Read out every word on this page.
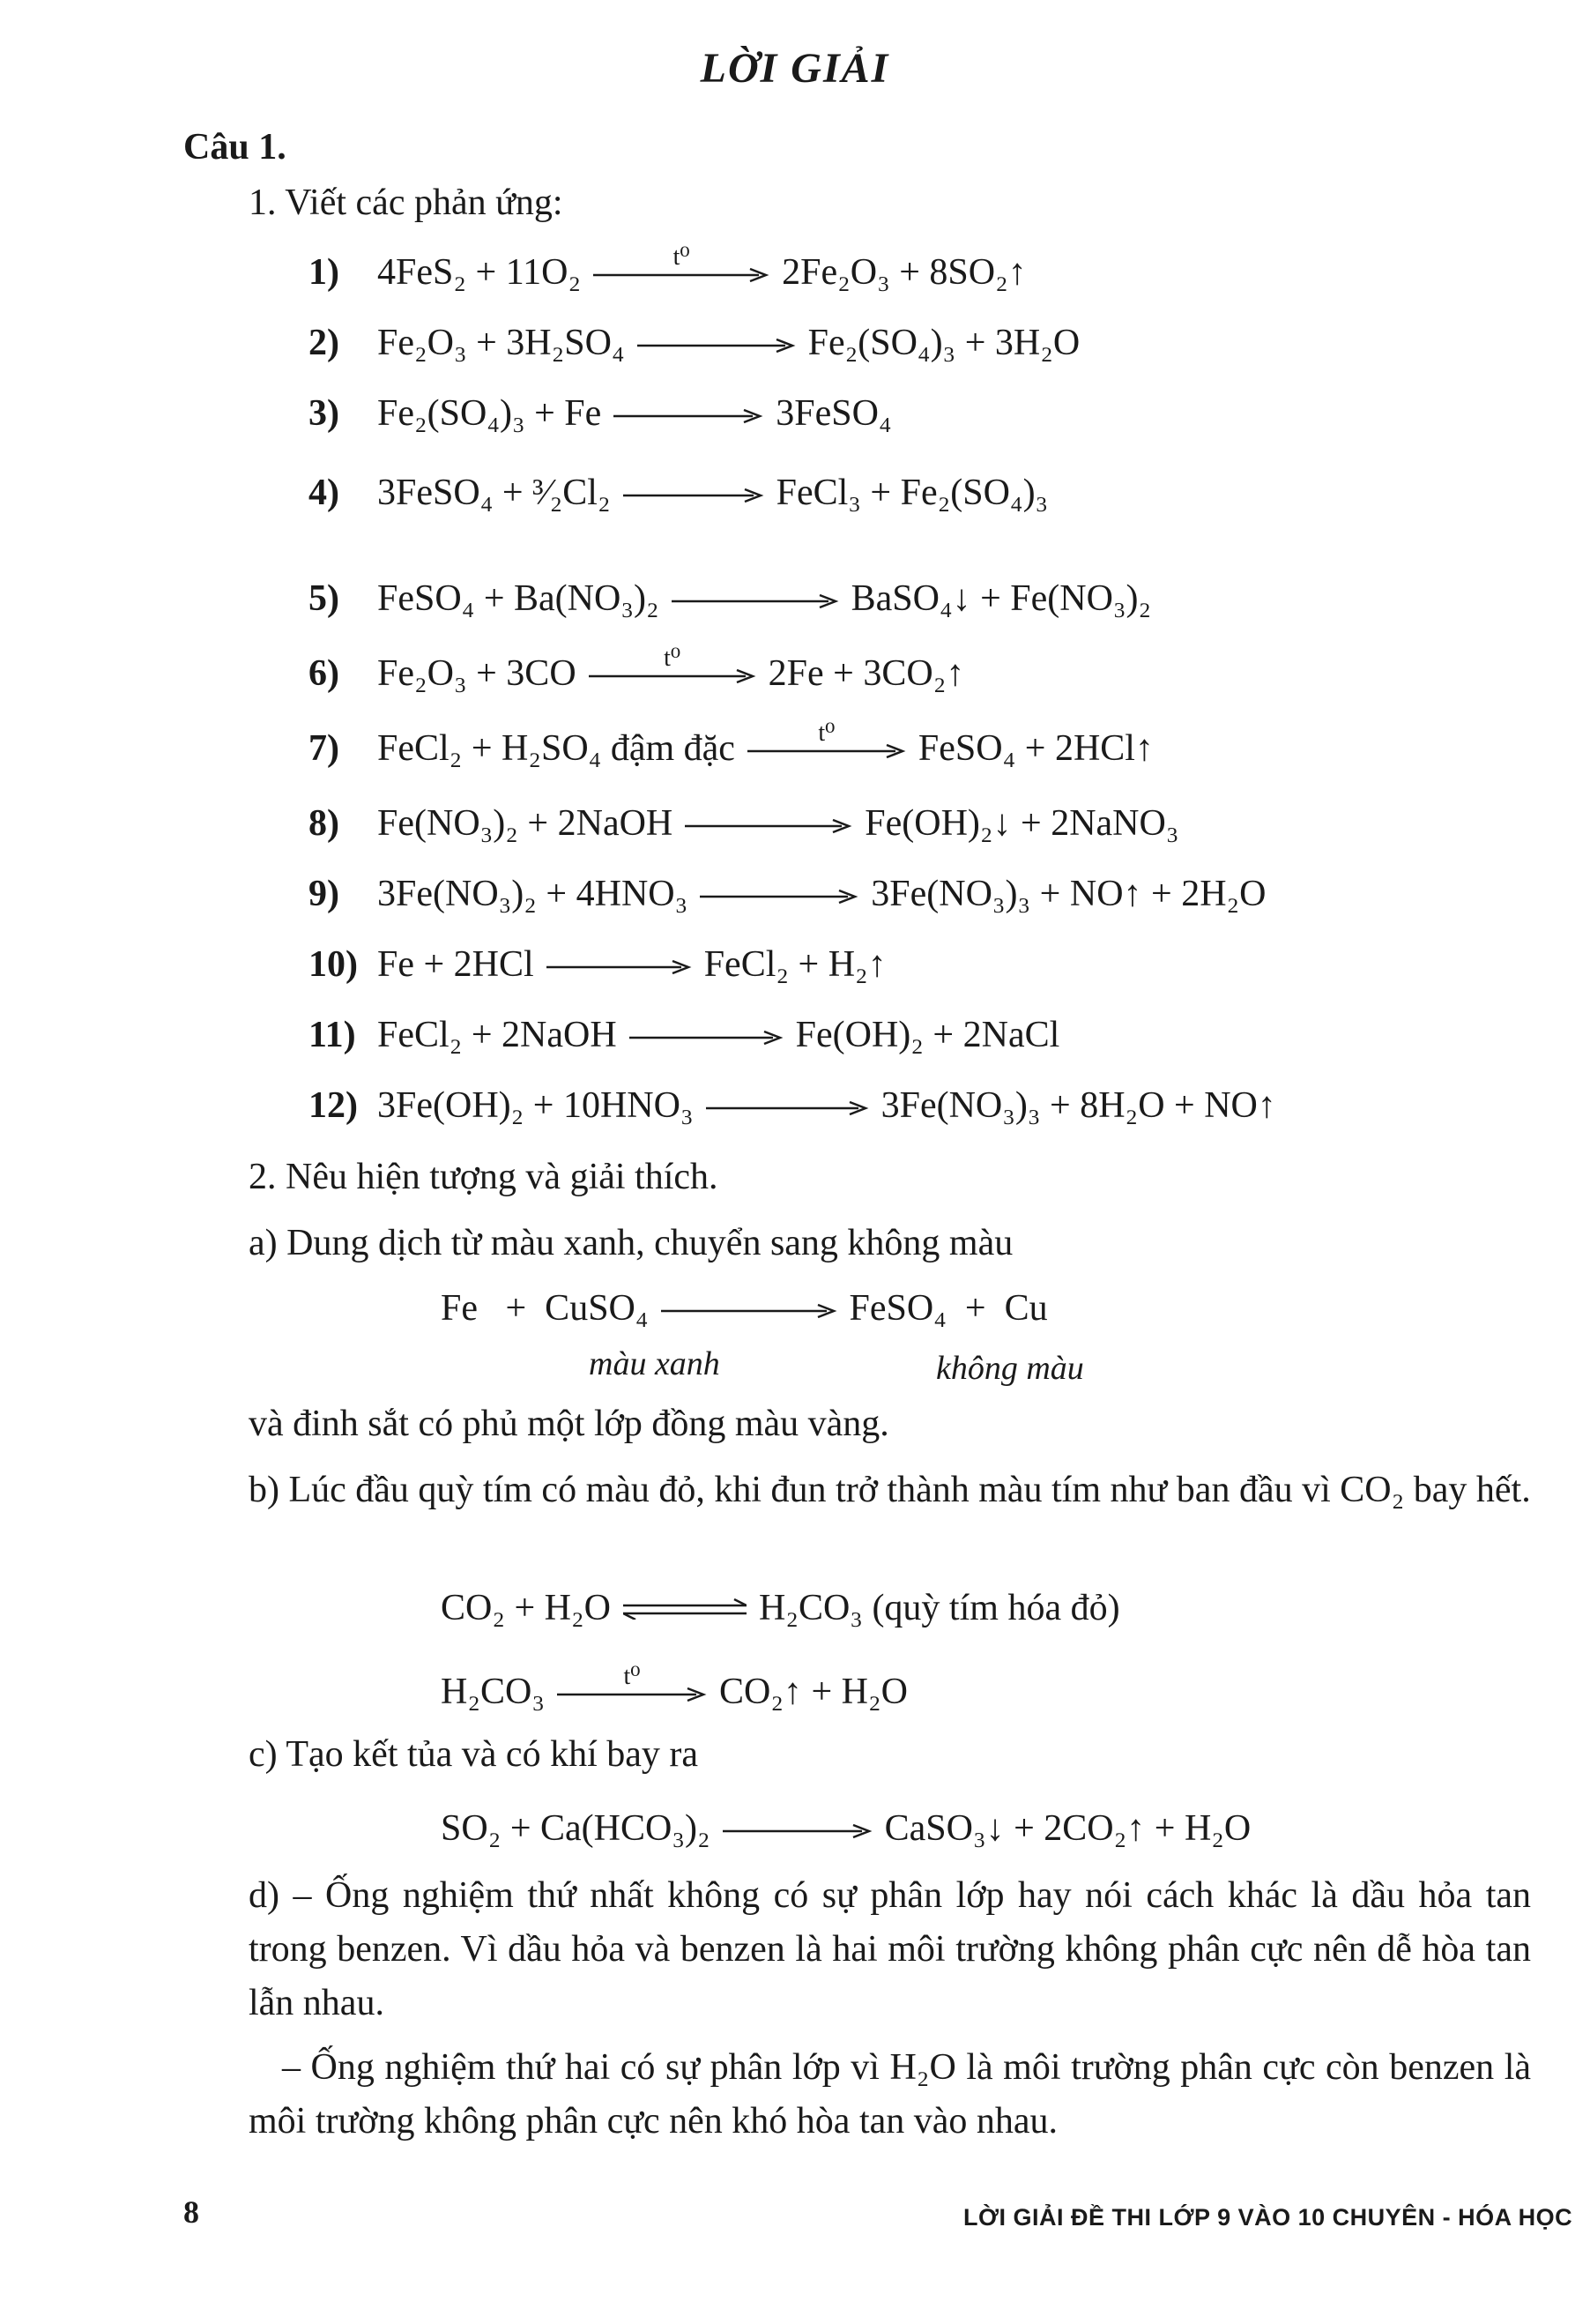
LỜI GIẢI
Câu 1.
1. Viết các phản ứng:
1)	4FeS₂ + 11O₂	t⁰	2Fe₂O₃ + 8SO₂↑
2)	Fe₂O₃ + 3H₂SO₄	Fe₂(SO₄)₃ + 3H₂O
3)	Fe₂(SO₄)₃ + Fe	3FeSO₄
4)	3FeSO₄ + ³⁄₂Cl₂ → FeCl₃ + Fe₂(SO₄)₃
5)	FeSO₄ + Ba(NO₃)₂	BaSO₄↓ + Fe(NO₃)₂
6)	Fe₂O₃ + 3CO	t⁰	2Fe + 3CO₂↑
7)	FeCl₂ + H₂SO₄ đậm đặc	t⁰	FeSO₄ + 2HCl↑
8)	Fe(NO₃)₂ + 2NaOH	Fe(OH)₂↓ + 2NaNO₃
9)	3Fe(NO₃)₂ + 4HNO₃	3Fe(NO₃)₃ + NO↑ + 2H₂O
10) Fe + 2HCl → FeCl₂ + H₂↑
11) FeCl₂ + 2NaOH	Fe(OH)₂ + 2NaCl
12) 3Fe(OH)₂ + 10HNO₃	3Fe(NO₃)₃ + 8H₂O + NO↑
2. Nêu hiện tượng và giải thích.
a) Dung dịch từ màu xanh, chuyển sang không màu
Fe   +  CuSO₄	FeSO₄  +  Cu
màu xanh	không màu
và đinh sắt có phủ một lớp đồng màu vàng.
b) Lúc đầu quỳ tím có màu đỏ, khi đun trở thành màu tím như ban đầu vì CO₂ bay hết.
CO₂ + H₂O ⇌ H₂CO₃ (quỳ tím hóa đỏ)
H₂CO₃	t⁰	CO₂↑ + H₂O
c) Tạo kết tủa và có khí bay ra
SO₂ + Ca(HCO₃)₂	CaSO₃↓ + 2CO₂↑ + H₂O
d) – Ống nghiệm thứ nhất không có sự phân lớp hay nói cách khác là dầu hỏa tan trong benzen. Vì dầu hỏa và benzen là hai môi trường không phân cực nên dễ hòa tan lẫn nhau.
– Ống nghiệm thứ hai có sự phân lớp vì H₂O là môi trường phân cực còn benzen là môi trường không phân cực nên khó hòa tan vào nhau.
8	LỜI GIẢI ĐỀ THI LỚP 9 VÀO 10 CHUYÊN - HÓA HỌC
